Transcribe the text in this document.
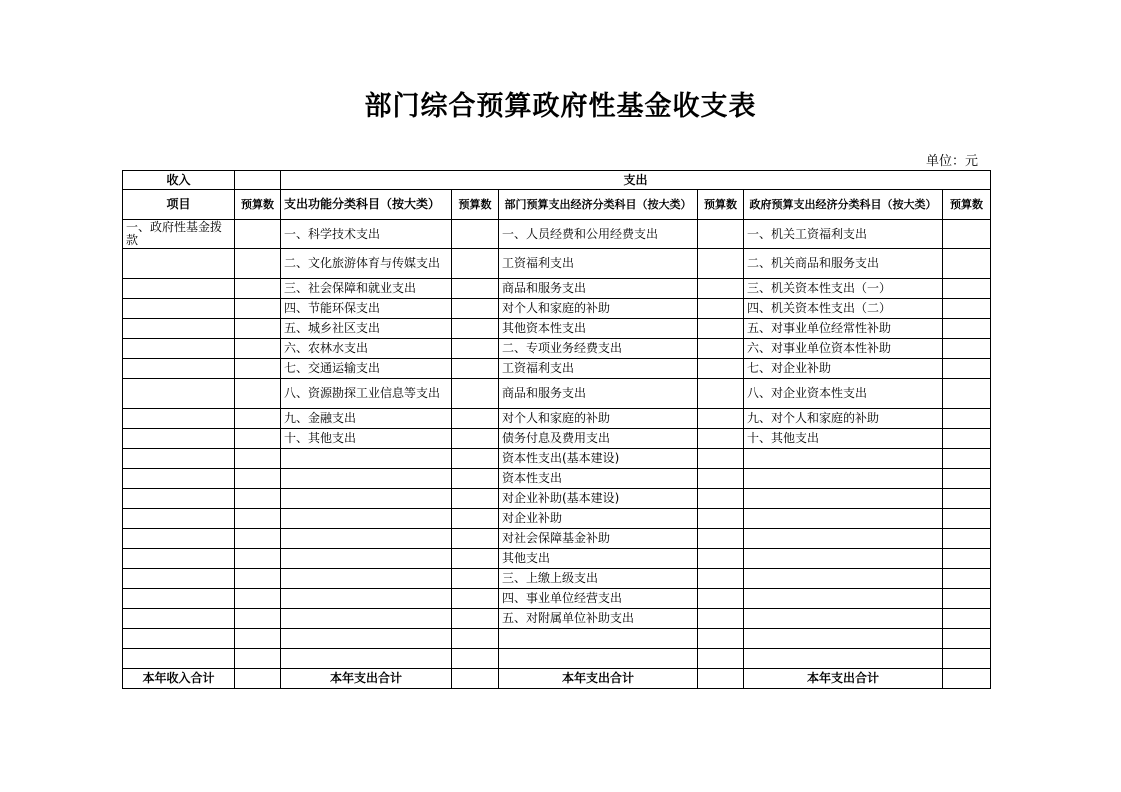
部门综合预算政府性基金收支表
单位：元
收入		支出					
项目	预算数	支出功能分类科目（按大类）	预算数	部门预算支出经济分类科目（按大类）	预算数	政府预算支出经济分类科目（按大类）	预算数
一、政府性基金拨款		一、科学技术支出		一、人员经费和公用经费支出		一、机关工资福利支出	
		二、文化旅游体育与传媒支出		工资福利支出		二、机关商品和服务支出	
		三、社会保障和就业支出		商品和服务支出		三、机关资本性支出（一）	
		四、节能环保支出		对个人和家庭的补助		四、机关资本性支出（二）	
		五、城乡社区支出		其他资本性支出		五、对事业单位经常性补助	
		六、农林水支出		二、专项业务经费支出		六、对事业单位资本性补助	
		七、交通运输支出		工资福利支出		七、对企业补助	
		八、资源勘探工业信息等支出		商品和服务支出		八、对企业资本性支出	
		九、金融支出		对个人和家庭的补助		九、对个人和家庭的补助	
		十、其他支出		债务付息及费用支出		十、其他支出	
				资本性支出(基本建设)			
				资本性支出			
				对企业补助(基本建设)			
				对企业补助			
				对社会保障基金补助			
				其他支出			
				三、上缴上级支出			
				四、事业单位经营支出			
				五、对附属单位补助支出			

本年收入合计		本年支出合计		本年支出合计		本年支出合计	
